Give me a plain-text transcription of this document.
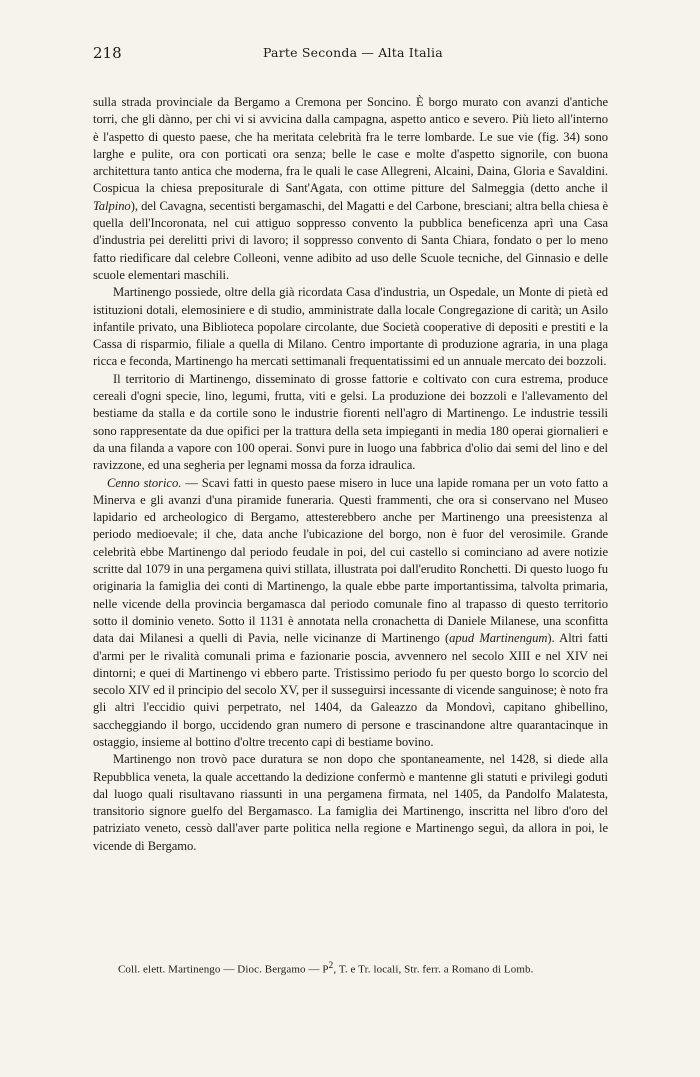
218	Parte Seconda — Alta Italia

sulla strada provinciale da Bergamo a Cremona per Soncino. È borgo murato con avanzi d'antiche torri, che gli dànno, per chi vi si avvicina dalla campagna, aspetto antico e severo. Più lieto all'interno è l'aspetto di questo paese, che ha meritata celebrità fra le terre lombarde. Le sue vie (fig. 34) sono larghe e pulite, ora con porticati ora senza; belle le case e molte d'aspetto signorile, con buona architettura tanto antica che moderna, fra le quali le case Allegreni, Alcaini, Daina, Gloria e Savaldini. Cospicua la chiesa prepositurale di Sant'Agata, con ottime pitture del Salmeggia (detto anche il Talpino), del Cavagna, secentisti bergamaschi, del Magatti e del Carbone, bresciani; altra bella chiesa è quella dell'Incoronata, nel cui attiguo soppresso convento la pubblica beneficenza aprì una Casa d'industria pei derelitti privi di lavoro; il soppresso convento di Santa Chiara, fondato o per lo meno fatto riedificare dal celebre Colleoni, venne adibito ad uso delle Scuole tecniche, del Ginnasio e delle scuole elementari maschili.

Martinengo possiede, oltre della già ricordata Casa d'industria, un Ospedale, un Monte di pietà ed istituzioni dotali, elemosiniere e di studio, amministrate dalla locale Congregazione di carità; un Asilo infantile privato, una Biblioteca popolare circolante, due Società cooperative di depositi e prestiti e la Cassa di risparmio, filiale a quella di Milano. Centro importante di produzione agraria, in una plaga ricca e feconda, Martinengo ha mercati settimanali frequentatissimi ed un annuale mercato dei bozzoli.

Il territorio di Martinengo, disseminato di grosse fattorie e coltivato con cura estrema, produce cereali d'ogni specie, lino, legumi, frutta, viti e gelsi. La produzione dei bozzoli e l'allevamento del bestiame da stalla e da cortile sono le industrie fiorenti nell'agro di Martinengo. Le industrie tessili sono rappresentate da due opifici per la trattura della seta impieganti in media 180 operai giornalieri e da una filanda a vapore con 100 operai. Sonvi pure in luogo una fabbrica d'olio dai semi del lino e del ravizzone, ed una segheria per legnami mossa da forza idraulica.

Cenno storico. — Scavi fatti in questo paese misero in luce una lapide romana per un voto fatto a Minerva e gli avanzi d'una piramide funeraria. Questi frammenti, che ora si conservano nel Museo lapidario ed archeologico di Bergamo, attesterebbero anche per Martinengo una preesistenza al periodo medioevale; il che, data anche l'ubicazione del borgo, non è fuor del verosimile. Grande celebrità ebbe Martinengo dal periodo feudale in poi, del cui castello si cominciano ad avere notizie scritte dal 1079 in una pergamena quivi stillata, illustrata poi dall'erudito Ronchetti. Di questo luogo fu originaria la famiglia dei conti di Martinengo, la quale ebbe parte importantissima, talvolta primaria, nelle vicende della provincia bergamasca dal periodo comunale fino al trapasso di questo territorio sotto il dominio veneto. Sotto il 1131 è annotata nella cronachetta di Daniele Milanese, una sconfitta data dai Milanesi a quelli di Pavia, nelle vicinanze di Martinengo (apud Martinengum). Altri fatti d'armi per le rivalità comunali prima e fazionarie poscia, avvennero nel secolo XIII e nel XIV nei dintorni; e quei di Martinengo vi ebbero parte. Tristissimo periodo fu per questo borgo lo scorcio del secolo XIV ed il principio del secolo XV, per il susseguirsi incessante di vicende sanguinose; è noto fra gli altri l'eccidio quivi perpetrato, nel 1404, da Galeazzo da Mondovì, capitano ghibellino, saccheggiando il borgo, uccidendo gran numero di persone e trascinandone altre quarantacinque in ostaggio, insieme al bottino d'oltre trecento capi di bestiame bovino.

Martinengo non trovò pace duratura se non dopo che spontaneamente, nel 1428, si diede alla Repubblica veneta, la quale accettando la dedizione confermò e mantenne gli statuti e privilegi goduti dal luogo quali risultavano riassunti in una pergamena firmata, nel 1405, da Pandolfo Malatesta, transitorio signore guelfo del Bergamasco. La famiglia dei Martinengo, inscritta nel libro d'oro del patriziato veneto, cessò dall'aver parte politica nella regione e Martinengo seguì, da allora in poi, le vicende di Bergamo.

Coll. elett. Martinengo — Dioc. Bergamo — $P^2$, T. e Tr. locali, Str. ferr. a Romano di Lomb.
